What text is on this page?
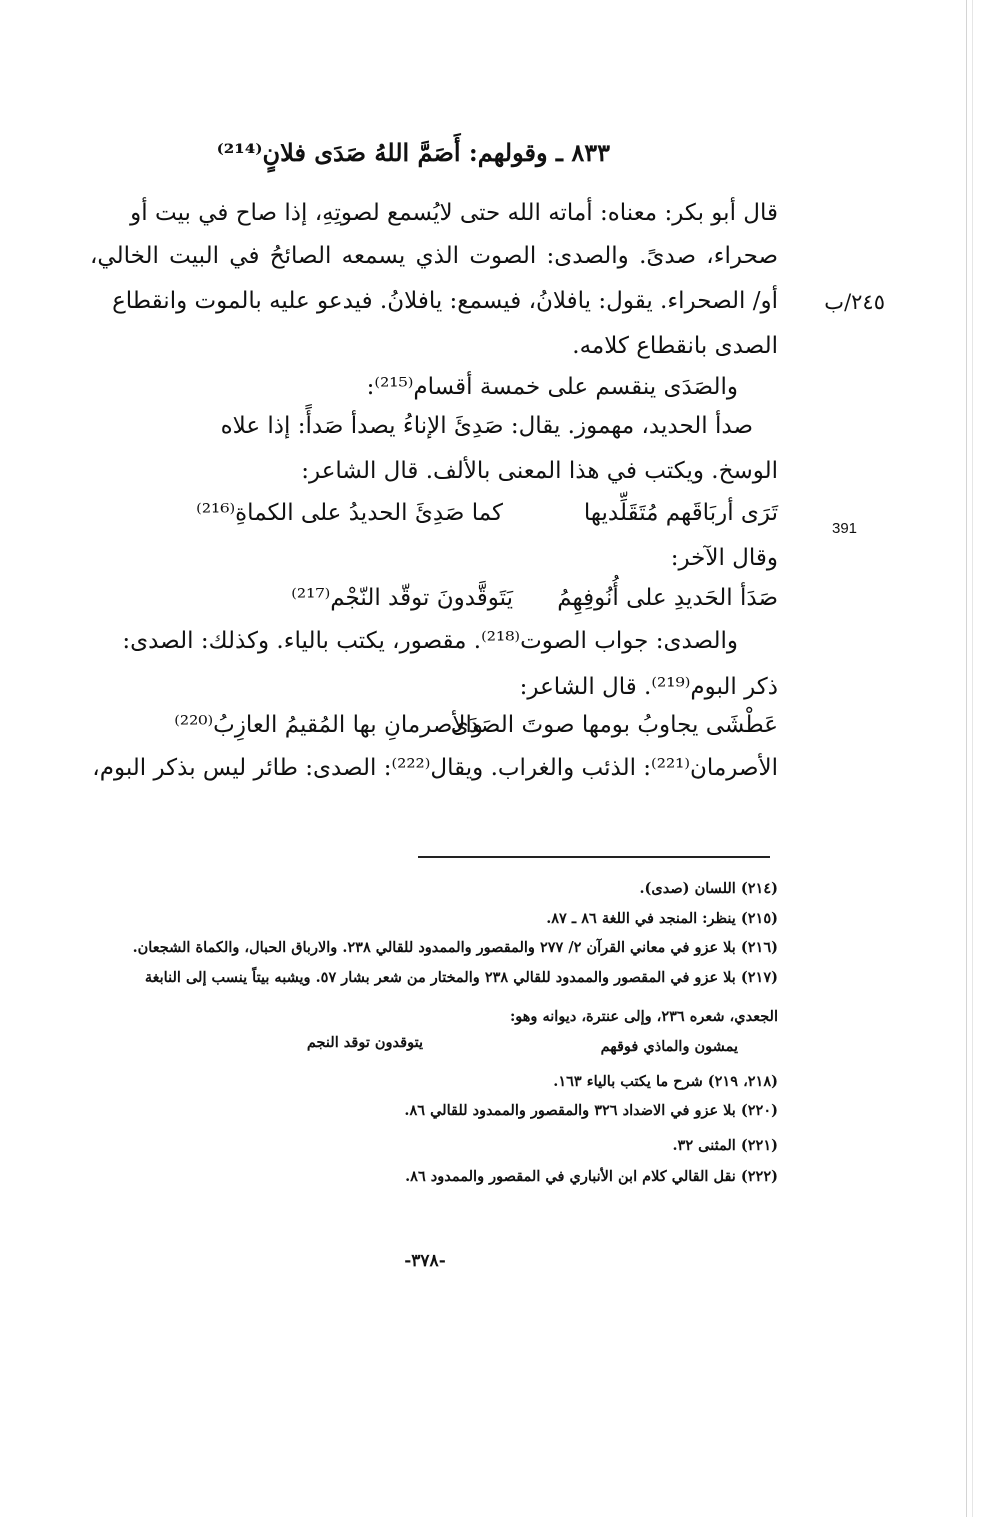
٨٣٣ ـ وقولهم: أَصَمَّ اللهُ صَدَى فلانٍ⁽²¹⁴⁾
٢٤٥/ب
391
قال أبو بكر: معناه: أماته الله حتى لايُسمع لصوتِهِ، إذا صاح في بيت أو
صحراء، صدىً. والصدى: الصوت الذي يسمعه الصائحُ في البيت الخالي،
أو/ الصحراء. يقول: يافلانُ، فيسمع: يافلانُ. فيدعو عليه بالموت وانقطاع
الصدى بانقطاع كلامه.
والصَدَى ينقسم على خمسة أقسام⁽²¹⁵⁾:
صدأ الحديد، مهموز. يقال: صَدِئَ الإناءُ يصدأ صَدأً: إذا علاه
الوسخ. ويكتب في هذا المعنى بالألف. قال الشاعر:
تَرَى أربَاقَهم مُتَقَلِّديها
كما صَدِئَ الحديدُ على الكماةِ⁽²¹⁶⁾
وقال الآخر:
صَدَأ الحَديدِ على أُنُوفِهِمُ
يَتَوقَّدونَ توقّد النّجْم⁽²¹⁷⁾
والصدى: جواب الصوت⁽²¹⁸⁾. مقصور، يكتب بالياء. وكذلك: الصدى:
ذكر البوم⁽²¹⁹⁾. قال الشاعر:
عَطْشَى يجاوبُ بومها صوتَ الصَدَى
والأصرمانِ بها المُقيمُ العازِبُ⁽²²⁰⁾
الأصرمان⁽²²¹⁾: الذئب والغراب. ويقال⁽²²²⁾: الصدى: طائر ليس بذكر البوم،
(٢١٤) اللسان (صدى).
(٢١٥) ينظر: المنجد في اللغة ٨٦ ـ ٨٧.
(٢١٦) بلا عزو في معاني القرآن ٢/ ٢٧٧ والمقصور والممدود للقالي ٢٣٨. والارباق الحبال، والكماة الشجعان.
(٢١٧) بلا عزو في المقصور والممدود للقالي ٢٣٨ والمختار من شعر بشار ٥٧. ويشبه بيتاً ينسب إلى النابغة
الجعدي، شعره ٢٣٦، وإلى عنترة، ديوانه وهو:
يمشون والماذي فوقهم
يتوقدون توقد النجم
(٢١٨، ٢١٩) شرح ما يكتب بالياء ١٦٣.
(٢٢٠) بلا عزو في الاضداد ٣٢٦ والمقصور والممدود للقالي ٨٦.
(٢٢١) المثنى ٣٢.
(٢٢٢) نقل القالي كلام ابن الأنباري في المقصور والممدود ٨٦.
-٣٧٨-
